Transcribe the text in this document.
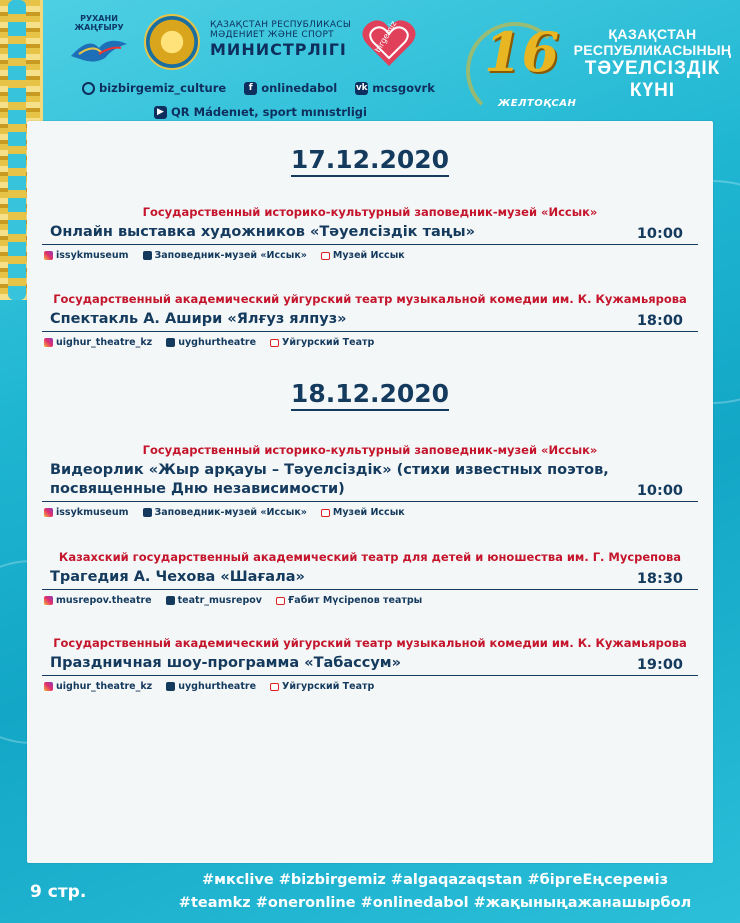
РУХАНИ ЖАҢҒЫРУ	ҚАЗАҚСТАН РЕСПУБЛИКАСЫ
МӘДЕНИЕТ ЖӘНЕ СПОРТ
МИНИСТРЛІГІ	birgemiz
bizbirgemiz_culture	f onlinedabol vk mcsgovrk
▶ QR Mádenıet, sport mınıstrligi
16
ЖЕЛТОҚСАН
ҚАЗАҚСТАН
РЕСПУБЛИКАСЫНЫҢ
ТӘУЕЛСІЗДІК
КҮНІ
17.12.2020
Государственный историко-культурный заповедник-музей «Иссык»
Онлайн выставка художников «Тәуелсіздік таңы»	10:00
issykmuseum	Заповедник-музей «Иссык»	Музей Иссык
Государственный академический уйгурский театр музыкальной комедии им. К. Кужамьярова
Спектакль А. Ашири «Ялғуз ялпуз»	18:00
uighur_theatre_kz	uyghurtheatre	Уйгурский Театр
18.12.2020
Государственный историко-культурный заповедник-музей «Иссык»
Видеорлик «Жыр арқауы – Тәуелсіздік» (стихи известных поэтов,
посвященные Дню независимости)	10:00
issykmuseum	Заповедник-музей «Иссык»	Музей Иссык
Казахский государственный академический театр для детей и юношества им. Г. Мусрепова
Трагедия А. Чехова «Шағала»	18:30
musrepov.theatre	teatr_musrepov	Ғабит Мүсірепов театры
Государственный академический уйгурский театр музыкальной комедии им. К. Кужамьярова
Праздничная шоу-программа «Табассум»	19:00
uighur_theatre_kz	uyghurtheatre	Уйгурский Театр
9 стр.
#мкclive #bizbirgemiz #algaqazaqstan #біргеЕңсереміз
#teamkz #oneronline #onlinedabol #жақыныңажанашырбол
